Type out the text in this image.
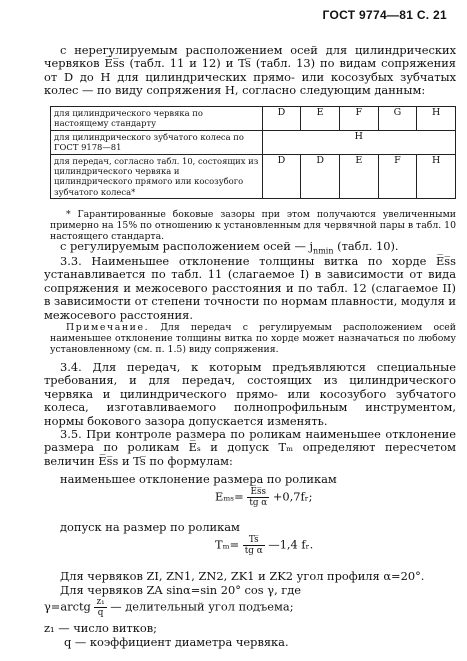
ГОСТ 9774—81 С. 21
с нерегулируемым расположением осей для цилиндрических червяков E̅s̅s (табл. 11 и 12) и Ts̅ (табл. 13) по видам сопряжения от D до H для цилиндрических прямо- или косозубых зубчатых колес — по виду сопряжения H, согласно следующим данным:
для цилиндрического червяка по настоящему стандарту	D	E	F	G	H
для цилиндрического зубчатого колеса по ГОСТ 9178—81	H				
для передач, согласно табл. 10, состоящих из цилиндрического червяка и цилиндрического прямого или косозубого зубчатого колеса*	D	D	E	F	H
* Гарантированные боковые зазоры при этом получаются увеличенными примерно на 15% по отношению к установленным для червячной пары в табл. 10 настоящего стандарта.
с регулируемым расположением осей — $j_{nmin}$ (табл. 10).
3.3. Наименьшее отклонение толщины витка по хорде E̅s̅s устанавливается по табл. 11 (слагаемое I) в зависимости от вида сопряжения и межосевого расстояния и по табл. 12 (слагаемое II) в зависимости от степени точности по нормам плавности, модуля и межосевого расстояния.
Примечание. Для передач с регулируемым расположением осей наименьшее отклонение толщины витка по хорде может назначаться по любому установленному (см. п. 1.5) виду сопряжения.
3.4. Для передач, к которым предъявляются специальные требования, и для передач, состоящих из цилиндрического червяка и цилиндрического прямо- или косозубого зубчатого колеса, изготавливаемого полнопрофильным инструментом, нормы бокового зазора допускается изменять.
3.5. При контроле размера по роликам наименьшее отклонение размера по роликам E̅ₛ и допуск Tₘ определяют пересчетом величин E̅s̅s и Ts̅ по формулам:
наименьшее отклонение размера по роликам
$E_{ms}= \frac{E̅s̅s}{\text{tg α}}$ +0,7fᵣ;
допуск на размер по роликам
$T_m= \frac{Ts̅}{\text{tg α}}$ —1,4 fᵣ.
Для червяков ZI, ZN1, ZN2, ZK1 и ZK2 угол профиля α=20°.
Для червяков ZA sinα=sin 20° cos γ, где
γ=arctg $\frac{\text{z₁}}{q}$ — делительный угол подъема;
z₁ — число витков;
q — коэффициент диаметра червяка.
